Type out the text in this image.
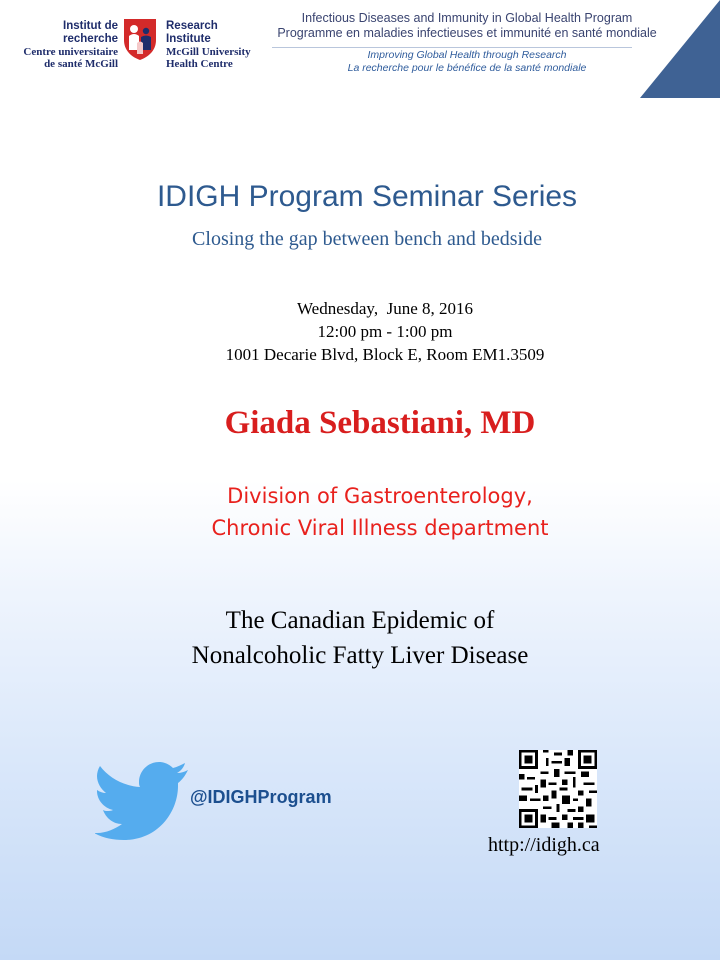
Institut de
recherche
Centre universitaire
de santé McGill
Research
Institute
McGill University
Health Centre
Infectious Diseases and Immunity in Global Health Program
Programme en maladies infectieuses et immunité en santé mondiale
Improving Global Health through Research
La recherche pour le bénéfice de la santé mondiale
IDIGH Program Seminar Series
Closing the gap between bench and bedside
Wednesday,  June 8, 2016
12:00 pm - 1:00 pm
1001 Decarie Blvd, Block E, Room EM1.3509
Giada Sebastiani, MD
Division of Gastroenterology,
Chronic Viral Illness department
The Canadian Epidemic of
Nonalcoholic Fatty Liver Disease
@IDIGHProgram
http://idigh.ca
